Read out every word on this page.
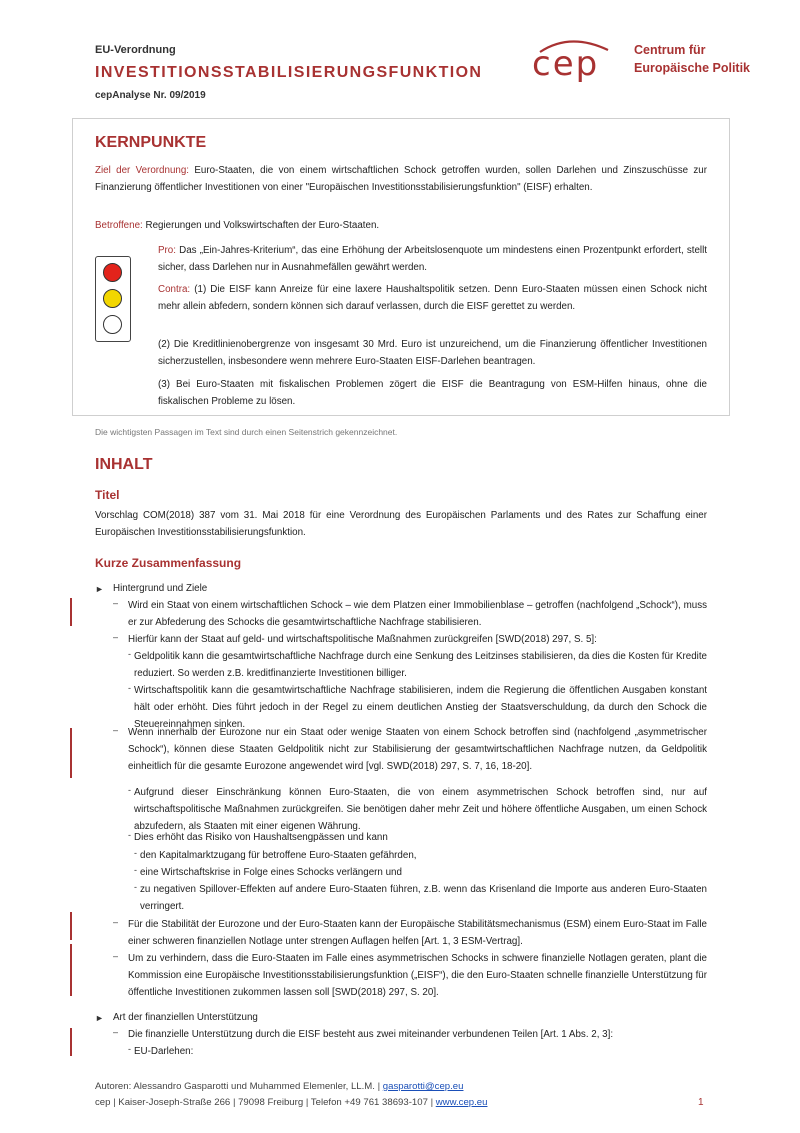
EU-Verordnung
INVESTITIONSSTABILISIERUNGSFUNKTION
cepAnalyse Nr. 09/2019
cep	Centrum für
Europäische Politik
KERNPUNKTE
Ziel der Verordnung: Euro-Staaten, die von einem wirtschaftlichen Schock getroffen wurden, sollen Darlehen und Zinszuschüsse zur Finanzierung öffentlicher Investitionen von einer "Europäischen Investitionsstabilisierungsfunktion" (EISF) erhalten.
Betroffene: Regierungen und Volkswirtschaften der Euro-Staaten.
Pro: Das „Ein-Jahres-Kriterium“, das eine Erhöhung der Arbeitslosenquote um mindestens einen Prozentpunkt erfordert, stellt sicher, dass Darlehen nur in Ausnahmefällen gewährt werden.
Contra: (1) Die EISF kann Anreize für eine laxere Haushaltspolitik setzen. Denn Euro-Staaten müssen einen Schock nicht mehr allein abfedern, sondern können sich darauf verlassen, durch die EISF gerettet zu werden.
(2) Die Kreditlinienobergrenze von insgesamt 30 Mrd. Euro ist unzureichend, um die Finanzierung öffentlicher Investitionen sicherzustellen, insbesondere wenn mehrere Euro-Staaten EISF-Darlehen beantragen.
(3) Bei Euro-Staaten mit fiskalischen Problemen zögert die EISF die Beantragung von ESM-Hilfen hinaus, ohne die fiskalischen Probleme zu lösen.
Die wichtigsten Passagen im Text sind durch einen Seitenstrich gekennzeichnet.
INHALT
Titel
Vorschlag COM(2018) 387 vom 31. Mai 2018 für eine Verordnung des Europäischen Parlaments und des Rates zur Schaffung einer Europäischen Investitionsstabilisierungsfunktion.
Kurze Zusammenfassung
► Hintergrund und Ziele
– Wird ein Staat von einem wirtschaftlichen Schock – wie dem Platzen einer Immobilienblase – getroffen (nachfolgend „Schock“), muss er zur Abfederung des Schocks die gesamtwirtschaftliche Nachfrage stabilisieren.
– Hierfür kann der Staat auf geld- und wirtschaftspolitische Maßnahmen zurückgreifen [SWD(2018) 297, S. 5]:
- Geldpolitik kann die gesamtwirtschaftliche Nachfrage durch eine Senkung des Leitzinses stabilisieren, da dies die Kosten für Kredite reduziert. So werden z.B. kreditfinanzierte Investitionen billiger.
- Wirtschaftspolitik kann die gesamtwirtschaftliche Nachfrage stabilisieren, indem die Regierung die öffentlichen Ausgaben konstant hält oder erhöht. Dies führt jedoch in der Regel zu einem deutlichen Anstieg der Staatsverschuldung, da durch den Schock die Steuereinnahmen sinken.
– Wenn innerhalb der Eurozone nur ein Staat oder wenige Staaten von einem Schock betroffen sind (nachfolgend „asymmetrischer Schock“), können diese Staaten Geldpolitik nicht zur Stabilisierung der gesamtwirtschaftlichen Nachfrage nutzen, da Geldpolitik einheitlich für die gesamte Eurozone angewendet wird [vgl. SWD(2018) 297, S. 7, 16, 18-20].
- Aufgrund dieser Einschränkung können Euro-Staaten, die von einem asymmetrischen Schock betroffen sind, nur auf wirtschaftspolitische Maßnahmen zurückgreifen. Sie benötigen daher mehr Zeit und höhere öffentliche Ausgaben, um einen Schock abzufedern, als Staaten mit einer eigenen Währung.
- Dies erhöht das Risiko von Haushaltsengpässen und kann
- den Kapitalmarktzugang für betroffene Euro-Staaten gefährden,
- eine Wirtschaftskrise in Folge eines Schocks verlängern und
- zu negativen Spillover-Effekten auf andere Euro-Staaten führen, z.B. wenn das Krisenland die Importe aus anderen Euro-Staaten verringert.
– Für die Stabilität der Eurozone und der Euro-Staaten kann der Europäische Stabilitätsmechanismus (ESM) einem Euro-Staat im Falle einer schweren finanziellen Notlage unter strengen Auflagen helfen [Art. 1, 3 ESM-Vertrag].
– Um zu verhindern, dass die Euro-Staaten im Falle eines asymmetrischen Schocks in schwere finanzielle Notlagen geraten, plant die Kommission eine Europäische Investitionsstabilisierungsfunktion („EISF“), die den Euro-Staaten schnelle finanzielle Unterstützung für öffentliche Investitionen zukommen lassen soll [SWD(2018) 297, S. 20].
► Art der finanziellen Unterstützung
– Die finanzielle Unterstützung durch die EISF besteht aus zwei miteinander verbundenen Teilen [Art. 1 Abs. 2, 3]:
- EU-Darlehen:
Autoren: Alessandro Gasparotti und Muhammed Elemenler, LL.M. | gasparotti@cep.eu
cep | Kaiser-Joseph-Straße 266 | 79098 Freiburg | Telefon +49 761 38693-107 | www.cep.eu	1
